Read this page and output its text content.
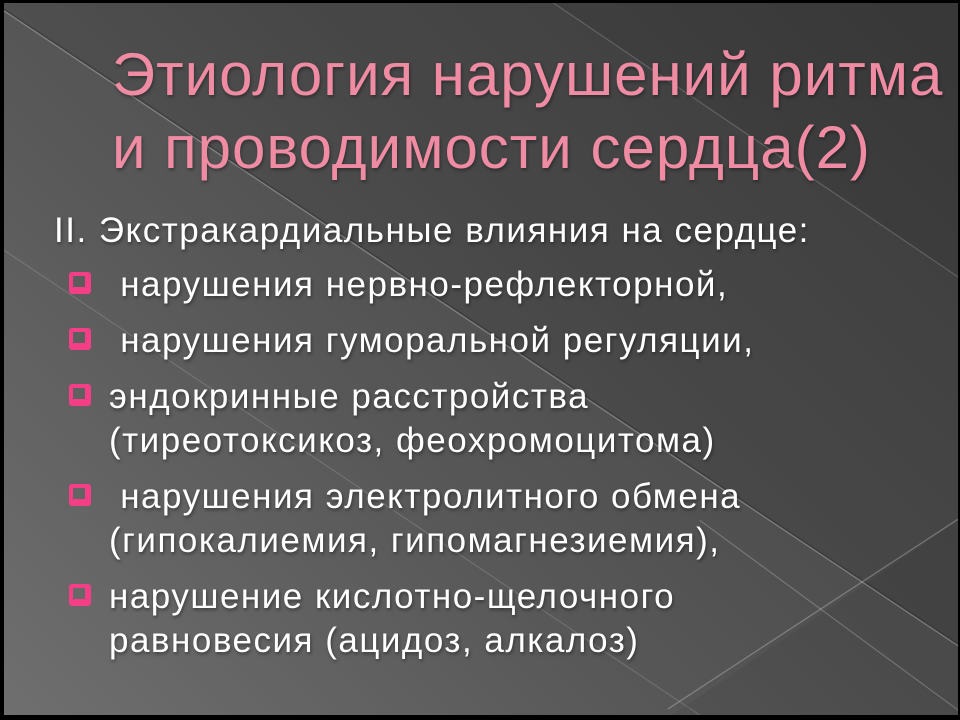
Этиология нарушений ритма
и проводимости сердца(2)

II. Экстракардиальные влияния на сердце:

нарушения нервно-рефлекторной,
нарушения гуморальной регуляции,
эндокринные расстройства
(тиреотоксикоз, феохромоцитома)
нарушения электролитного обмена
(гипокалиемия, гипомагнезиемия),
нарушение кислотно-щелочного
равновесия (ацидоз, алкалоз)
